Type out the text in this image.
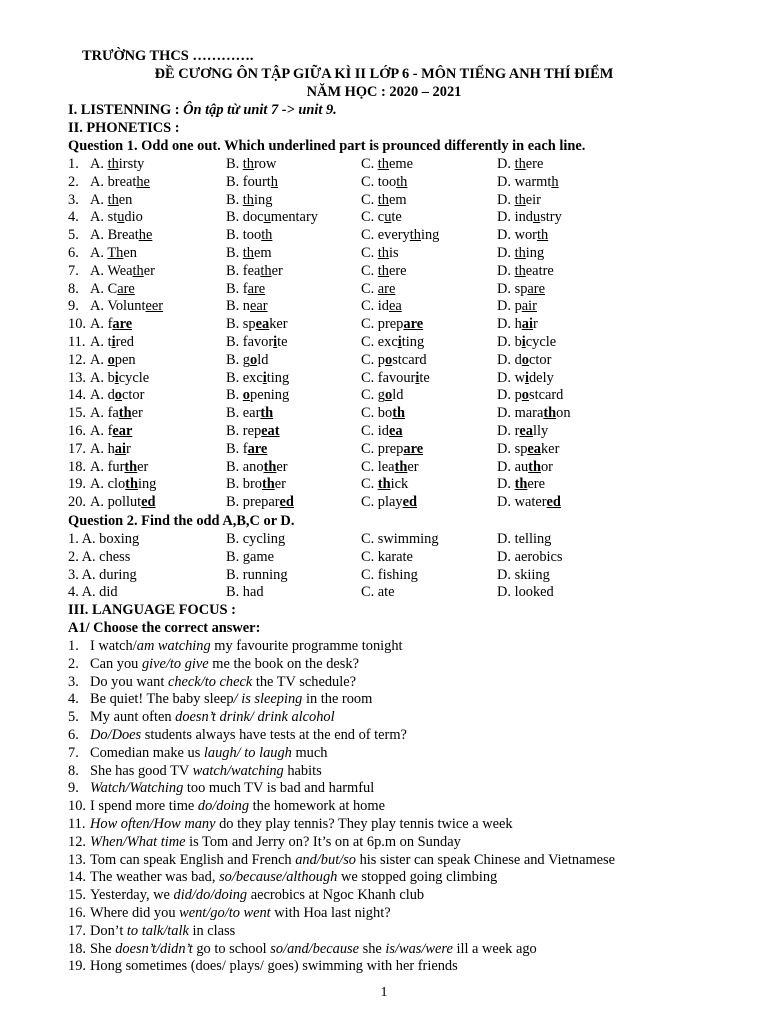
TRƯỜNG THCS ………….
ĐỀ CƯƠNG ÔN TẬP GIỮA KÌ II LỚP 6 - MÔN TIẾNG ANH THÍ ĐIỂM
NĂM HỌC : 2020 – 2021
I. LISTENNING : Ôn tập từ unit 7 -> unit 9.
II. PHONETICS :
Question 1. Odd one out. Which underlined part is prounced differently in each line.
1. A. thirsty	B. throw	C. theme	D. there
2. A. breathe	B. fourth	C. tooth	D. warmth
3. A. then	B. thing	C. them	D. their
4. A. studio	B. documentary	C. cute	D. industry
5. A. Breathe	B. tooth	C. everything	D. worth
6. A. Then	B. them	C. this	D. thing
7. A. Weather	B. feather	C. there	D. theatre
8. A. Care	B. fare	C. are	D. spare
9. A. Volunteer	B. near	C. idea	D. pair
10. A. fare	B. speaker	C. prepare	D. hair
11. A. tired	B. favorite	C. exciting	D. bicycle
12. A. open	B. gold	C. postcard	D. doctor
13. A. bicycle	B. exciting	C. favourite	D. widely
14. A. doctor	B. opening	C. gold	D. postcard
15. A. father	B. earth	C. both	D. marathon
16. A. fear	B. repeat	C. idea	D. really
17. A. hair	B. fare	C. prepare	D. speaker
18. A. further	B. another	C. leather	D. author
19. A. clothing	B. brother	C. thick	D. there
20. A. polluted	B. prepared	C. played	D. watered
Question 2. Find the odd A,B,C or D.
1. A. boxing	B. cycling	C. swimming	D. telling
2. A. chess	B. game	C. karate	D. aerobics
3. A. during	B. running	C. fishing	D. skiing
4. A. did	B. had	C. ate	D. looked
III. LANGUAGE FOCUS :
A1/ Choose the correct answer:
1. I watch/am watching my favourite programme tonight
2. Can you give/to give me the book on the desk?
3. Do you want check/to check the TV schedule?
4. Be quiet! The baby sleep/ is sleeping in the room
5. My aunt often doesn’t drink/ drink alcohol
6. Do/Does students always have tests at the end of term?
7. Comedian make us laugh/ to laugh much
8. She has good TV watch/watching habits
9. Watch/Watching too much TV is bad and harmful
10. I spend more time do/doing the homework at home
11. How often/How many do they play tennis? They play tennis twice a week
12. When/What time is Tom and Jerry on? It’s on at 6p.m on Sunday
13. Tom can speak English and French and/but/so his sister can speak Chinese and Vietnamese
14. The weather was bad, so/because/although we stopped going climbing
15. Yesterday, we did/do/doing aecrobics at Ngoc Khanh club
16. Where did you went/go/to went with Hoa last night?
17. Don’t to talk/talk in class
18. She doesn’t/didn’t go to school so/and/because she is/was/were ill a week ago
19. Hong sometimes (does/ plays/ goes) swimming with her friends
1
